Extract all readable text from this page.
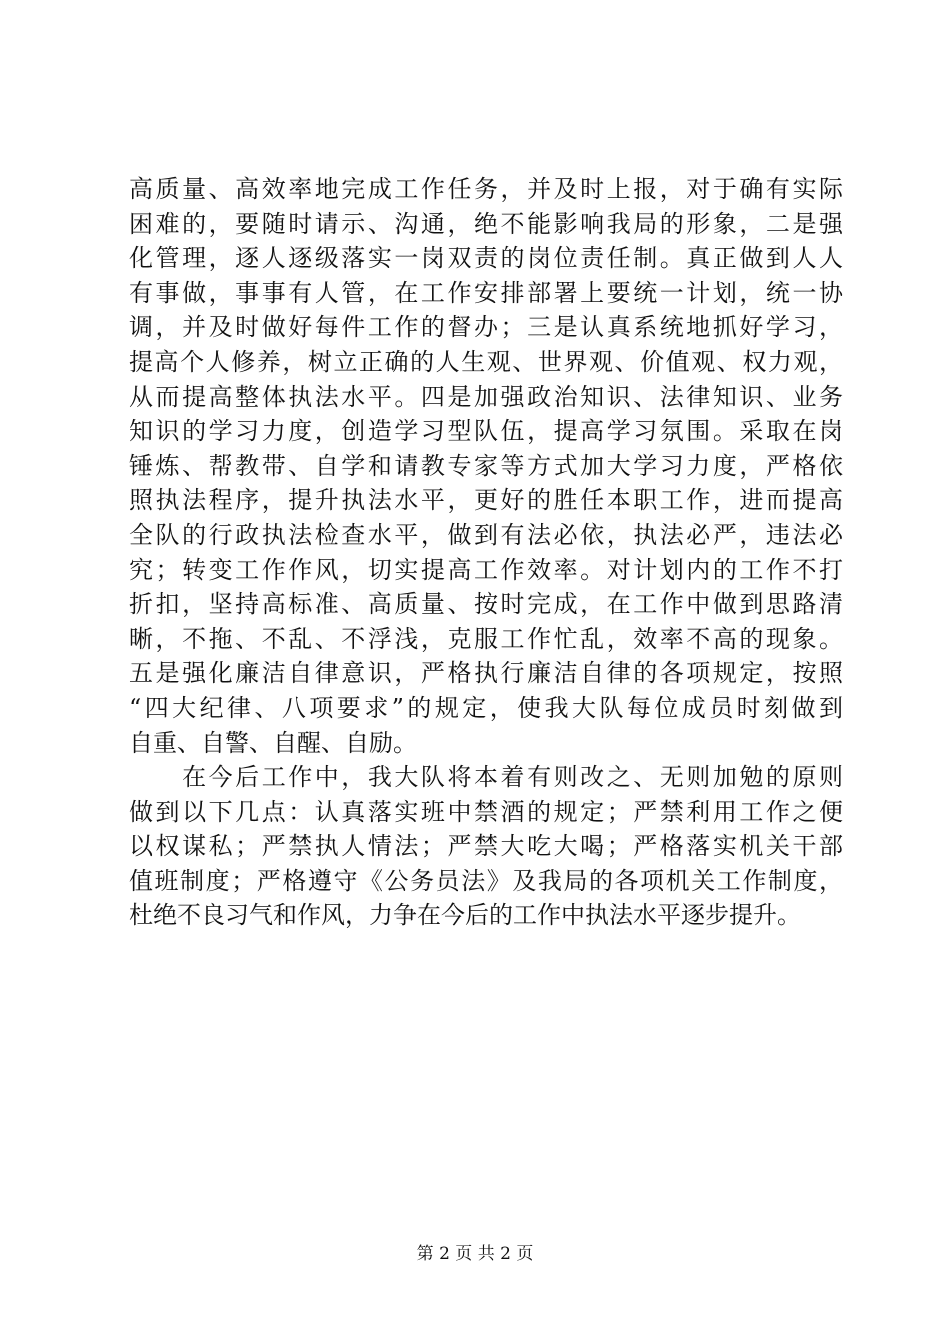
高质量、高效率地完成工作任务，并及时上报，对于确有实际
困难的，要随时请示、沟通，绝不能影响我局的形象，二是强
化管理，逐人逐级落实一岗双责的岗位责任制。真正做到人人
有事做，事事有人管，在工作安排部署上要统一计划，统一协
调，并及时做好每件工作的督办；三是认真系统地抓好学习，
提高个人修养，树立正确的人生观、世界观、价值观、权力观，
从而提高整体执法水平。四是加强政治知识、法律知识、业务
知识的学习力度，创造学习型队伍，提高学习氛围。采取在岗
锤炼、帮教带、自学和请教专家等方式加大学习力度，严格依
照执法程序，提升执法水平，更好的胜任本职工作，进而提高
全队的行政执法检查水平，做到有法必依，执法必严，违法必
究；转变工作作风，切实提高工作效率。对计划内的工作不打
折扣，坚持高标准、高质量、按时完成，在工作中做到思路清
晰，不拖、不乱、不浮浅，克服工作忙乱，效率不高的现象。
五是强化廉洁自律意识，严格执行廉洁自律的各项规定，按照
“四大纪律、八项要求”的规定，使我大队每位成员时刻做到
自重、自警、自醒、自励。
　　在今后工作中，我大队将本着有则改之、无则加勉的原则
做到以下几点：认真落实班中禁酒的规定；严禁利用工作之便
以权谋私；严禁执人情法；严禁大吃大喝；严格落实机关干部
值班制度；严格遵守《公务员法》及我局的各项机关工作制度，
杜绝不良习气和作风，力争在今后的工作中执法水平逐步提升。
第 2 页 共 2 页
